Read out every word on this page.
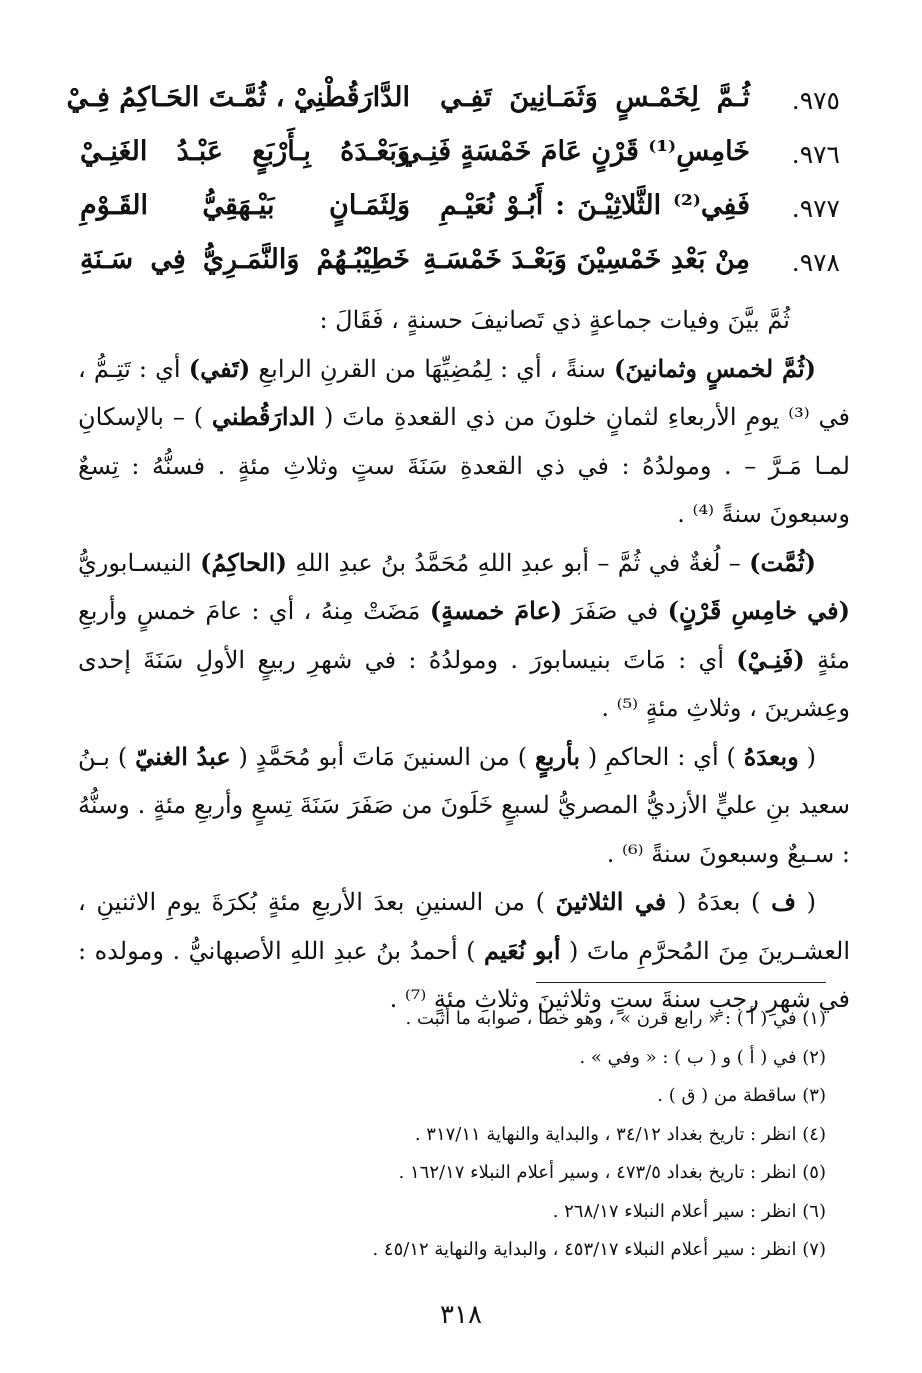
٩٧٥.
ثُـمَّ لِخَمْـسٍ وَثَمَـانِينَ تَفِـي
الدَّارَقُطْنِيْ ، ثُمَّـتَ الحَـاكِمُ فِـيْ
٩٧٦.
خَامِسِ⁽¹⁾ قَرْنٍ عَامَ خَمْسَةٍ فَنِـي
وَبَعْـدَهُ بِـأَرْبَعٍ عَبْـدُ الغَنِـيْ
٩٧٧.
فَفِي⁽²⁾ الثَّلاثِيْـنَ : أَبُـوْ نُعَيْـمِ
وَلِثَمَـانٍ بَيْـهَقِيُّ القَـوْمِ
٩٧٨.
مِنْ بَعْدِ خَمْسِيْنَ وَبَعْـدَ خَمْسَـةِ
خَطِيْبُـهُمْ وَالنَّمَـرِيُّ فِي سَـنَةِ

ثُمَّ بيَّنَ وفيات جماعةٍ ذي تَصانيفَ حسنةٍ ، فَقَالَ :

(ثُمَّ لخمسٍ وثمانينَ) سنةً ، أي : لِمُضِيِّهَا من القرنِ الرابعِ (تَفي) أي : تَتِـمُّ ، في ⁽³⁾ يومِ الأربعاءِ لثمانٍ خلونَ من ذي القعدةِ ماتَ ( الدارَقُطني ) – بالإسكانِ لمـا مَـرَّ – . ومولدُهُ : في ذي القعدةِ سَنَةَ ستٍ وثلاثِ مئةٍ . فسنُّهُ : تِسعٌ وسبعونَ سنةً ⁽⁴⁾ .

(ثُمَّت) – لُغةٌ في ثُمَّ – أبو عبدِ اللهِ مُحَمَّدُ بنُ عبدِ اللهِ (الحاكِمُ) النيسـابوريُّ (في خامِسِ قَرْنٍ) في صَفَرَ (عامَ خمسةٍ) مَضَتْ مِنهُ ، أي : عامَ خمسٍ وأربعِ مئةٍ (فَنِـيْ) أي : مَاتَ بنيسابورَ . ومولدُهُ : في شهرِ ربيعٍ الأولِ سَنَةَ إحدى وعِشرينَ ، وثلاثِ مئةٍ ⁽⁵⁾ .

( وبعدَهُ ) أي : الحاكمِ ( بأربعٍ ) من السنينَ مَاتَ أبو مُحَمَّدٍ ( عبدُ الغنيّ ) بـنُ سعيد بنِ عليٍّ الأزديُّ المصريُّ لسبعٍ خَلَونَ من صَفَرَ سَنَةَ تِسعٍ وأربعِ مئةٍ . وسنُّهُ : سـبعٌ وسبعونَ سنةً ⁽⁶⁾ .

( ف ) بعدَهُ ( في الثلاثينَ ) من السنينِ بعدَ الأربعِ مئةٍ بُكرَةَ يومِ الاثنينِ ، العشـرينَ مِنَ المُحرَّمِ ماتَ ( أبو نُعَيم ) أحمدُ بنُ عبدِ اللهِ الأصبهانيُّ . ومولده : في شهرِ رجبٍ سنةَ ستٍ وثلاثينَ وثلاثِ مئةٍ ⁽⁷⁾ .

(١) في ( أ ) : « رابع قرن » ، وهو خطأ ، صوابه ما أثبت .
(٢) في ( أ ) و ( ب ) : « وفي » .
(٣) ساقطة من ( ق ) .
(٤) انظر : تاريخ بغداد ٣٤/١٢ ، والبداية والنهاية ٣١٧/١١ .
(٥) انظر : تاريخ بغداد ٤٧٣/٥ ، وسير أعلام النبلاء ١٦٢/١٧ .
(٦) انظر : سير أعلام النبلاء ٢٦٨/١٧ .
(٧) انظر : سير أعلام النبلاء ٤٥٣/١٧ ، والبداية والنهاية ٤٥/١٢ .
٣١٨
